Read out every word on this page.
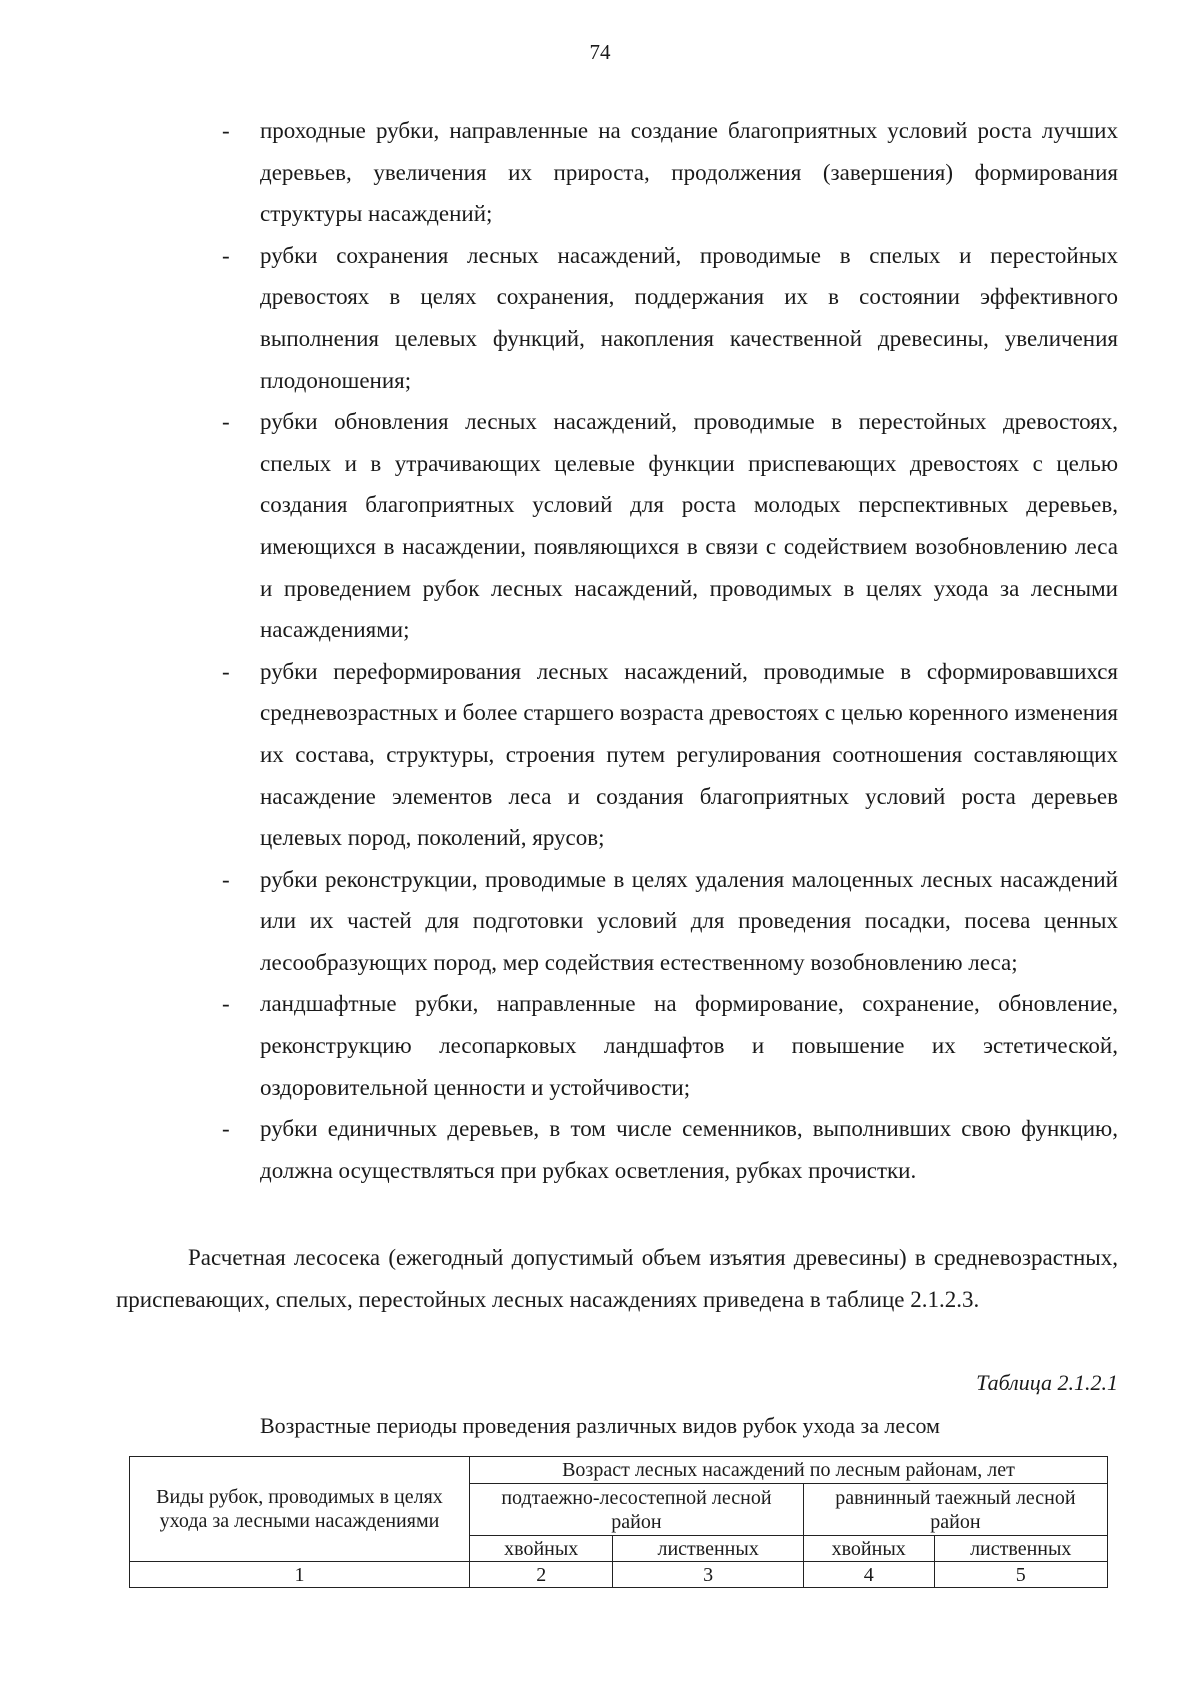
74
- проходные рубки, направленные на создание благоприятных условий роста лучших деревьев, увеличения их прироста, продолжения (завершения) формирования структуры насаждений;
- рубки сохранения лесных насаждений, проводимые в спелых и перестойных древостоях в целях сохранения, поддержания их в состоянии эффективного выполнения целевых функций, накопления качественной древесины, увеличения плодоношения;
- рубки обновления лесных насаждений, проводимые в перестойных древостоях, спелых и в утрачивающих целевые функции приспевающих древостоях с целью создания благоприятных условий для роста молодых перспективных деревьев, имеющихся в насаждении, появляющихся в связи с содействием возобновлению леса и проведением рубок лесных насаждений, проводимых в целях ухода за лесными насаждениями;
- рубки переформирования лесных насаждений, проводимые в сформировавшихся средневозрастных и более старшего возраста древостоях с целью коренного изменения их состава, структуры, строения путем регулирования соотношения составляющих насаждение элементов леса и создания благоприятных условий роста деревьев целевых пород, поколений, ярусов;
- рубки реконструкции, проводимые в целях удаления малоценных лесных насаждений или их частей для подготовки условий для проведения посадки, посева ценных лесообразующих пород, мер содействия естественному возобновлению леса;
- ландшафтные рубки, направленные на формирование, сохранение, обновление, реконструкцию лесопарковых ландшафтов и повышение их эстетической, оздоровительной ценности и устойчивости;
- рубки единичных деревьев, в том числе семенников, выполнивших свою функцию, должна осуществляться при рубках осветления, рубках прочистки.

Расчетная лесосека (ежегодный допустимый объем изъятия древесины) в средневозрастных, приспевающих, спелых, перестойных лесных насаждениях приведена в таблице 2.1.2.3.

Таблица 2.1.2.1
Возрастные периоды проведения различных видов рубок ухода за лесом
Виды рубок, проводимых в целях ухода за лесными насаждениями	Возраст лесных насаждений по лесным районам, лет			
	подтаежно-лесостепной лесной район		равнинный таежный лесной район	
	хвойных	лиственных	хвойных	лиственных
1	2	3	4	5
